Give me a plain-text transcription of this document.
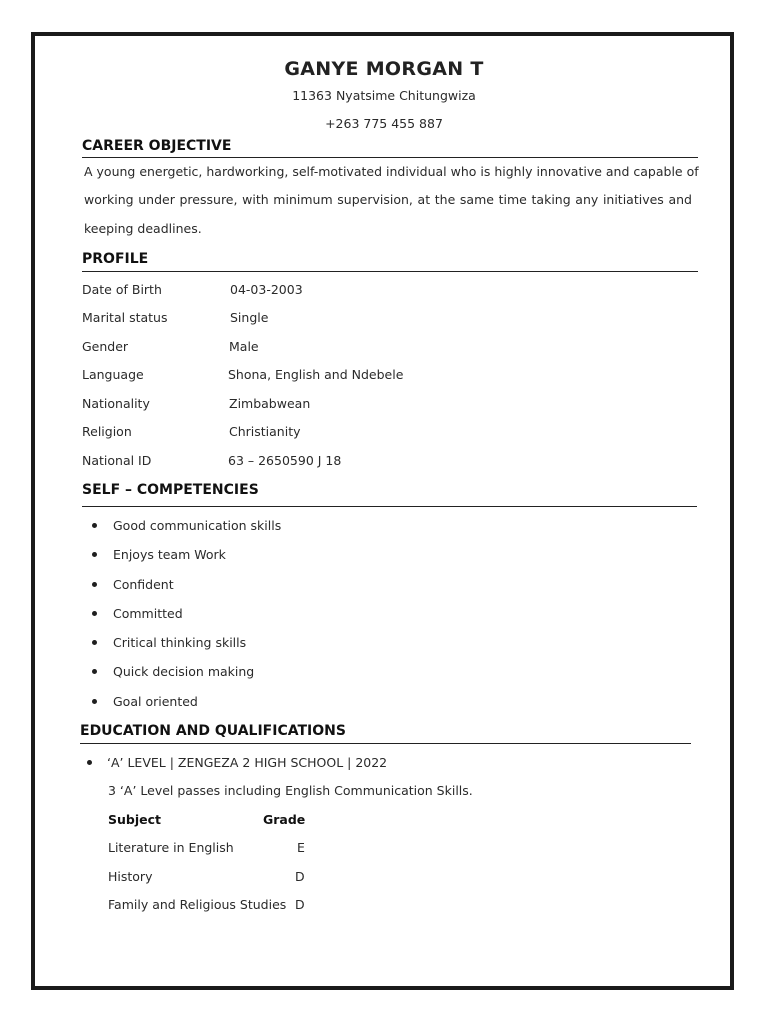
GANYE MORGAN T
11363 Nyatsime Chitungwiza
+263 775 455 887
CAREER OBJECTIVE
A young energetic, hardworking, self-motivated individual who is highly innovative and capable of
working under pressure, with minimum supervision, at the same time taking any initiatives and
keeping deadlines.
PROFILE
Date of Birth	04-03-2003
Marital status	Single
Gender	Male
Language	Shona, English and Ndebele
Nationality	Zimbabwean
Religion	Christianity
National ID	63 – 2650590 J 18
SELF – COMPETENCIES
Good communication skills
Enjoys team Work
Confident
Committed
Critical thinking skills
Quick decision making
Goal oriented
EDUCATION AND QUALIFICATIONS
‘A’ LEVEL | ZENGEZA 2 HIGH SCHOOL | 2022
3 ‘A’ Level passes including English Communication Skills.
Subject	Grade
Literature in English	E
History	D
Family and Religious Studies D
